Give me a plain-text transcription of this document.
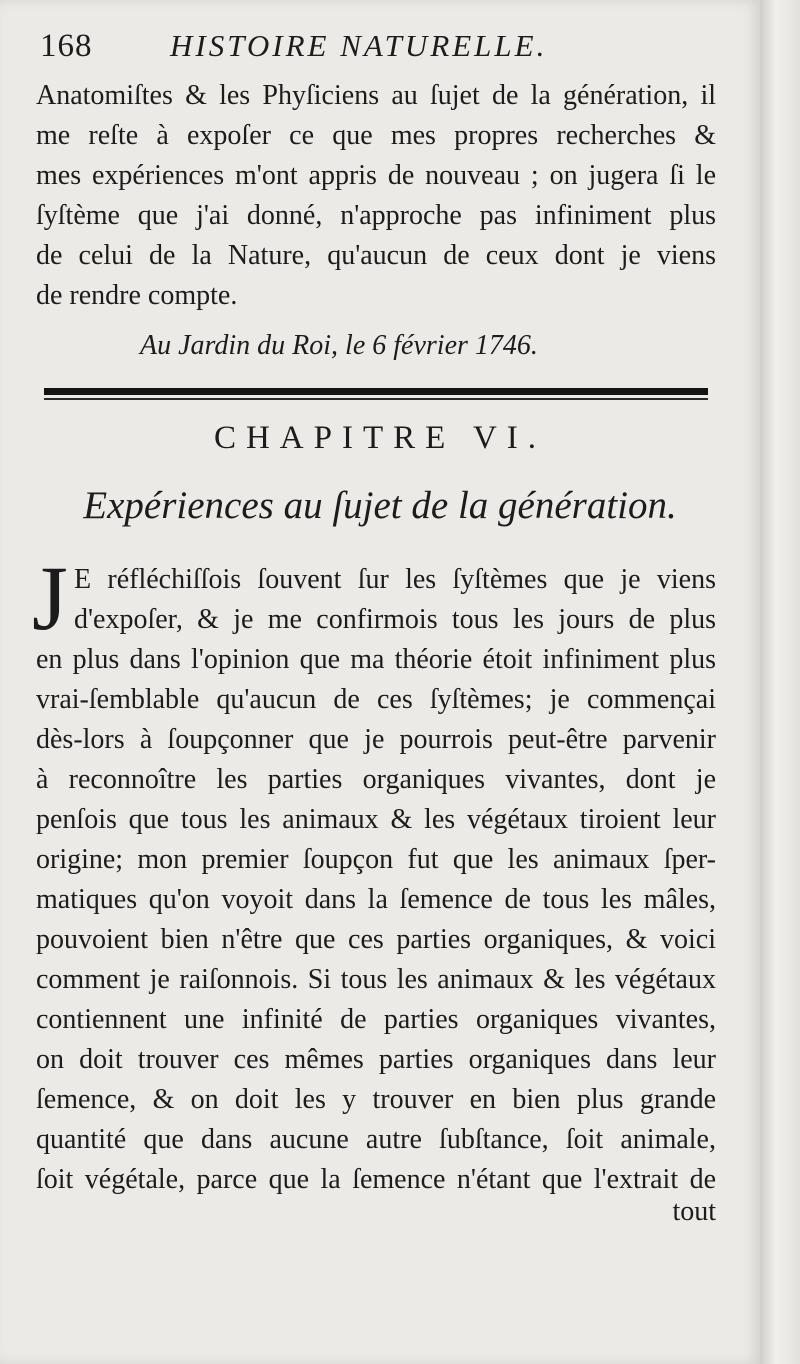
168	HISTOIRE NATURELLE.
Anatomiſtes & les Phyſiciens au ſujet de la génération, il
me reſte à expoſer ce que mes propres recherches &
mes expériences m'ont appris de nouveau ; on jugera ſi le
ſyſtème que j'ai donné, n'approche pas infiniment plus
de celui de la Nature, qu'aucun de ceux dont je viens
de rendre compte.
Au Jardin du Roi, le 6 février 1746.
CHAPITRE VI.
Expériences au ſujet de la génération.
J E réfléchiſſois ſouvent ſur les ſyſtèmes que je viens
d'expoſer, & je me confirmois tous les jours de plus
en plus dans l'opinion que ma théorie étoit infiniment plus
vrai-ſemblable qu'aucun de ces ſyſtèmes; je commençai
dès-lors à ſoupçonner que je pourrois peut-être parvenir
à reconnoître les parties organiques vivantes, dont je
penſois que tous les animaux & les végétaux tiroient leur
origine; mon premier ſoupçon fut que les animaux ſper-
matiques qu'on voyoit dans la ſemence de tous les mâles,
pouvoient bien n'être que ces parties organiques, & voici
comment je raiſonnois. Si tous les animaux & les végétaux
contiennent une infinité de parties organiques vivantes,
on doit trouver ces mêmes parties organiques dans leur
ſemence, & on doit les y trouver en bien plus grande
quantité que dans aucune autre ſubſtance, ſoit animale,
ſoit végétale, parce que la ſemence n'étant que l'extrait de
tout
